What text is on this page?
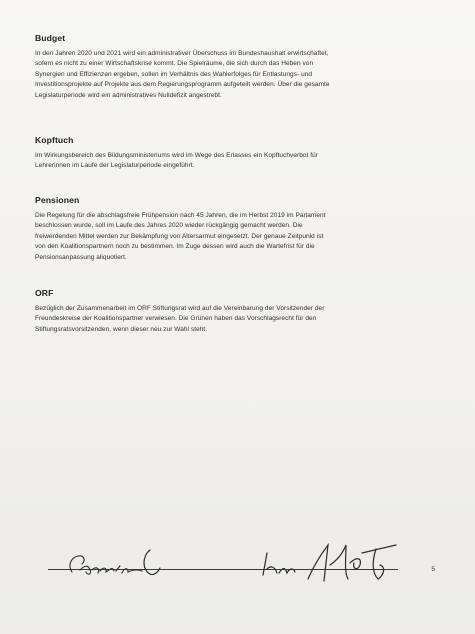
Budget

In den Jahren 2020 und 2021 wird ein administrativer Überschuss im Bundeshaushalt erwirtschaftet,
sofern es nicht zu einer Wirtschaftskrise kommt. Die Spielräume, die sich durch das Heben von
Synergien und Effizienzen ergeben, sollen im Verhältnis des Wahlerfolges für Entlastungs- und
Investitionsprojekte auf Projekte aus dem Regierungsprogramm aufgeteilt werden. Über die gesamte
Legislaturperiode wird ein administratives Nulldefizit angestrebt.

Kopftuch

Im Wirkungsbereich des Bildungsministeriums wird im Wege des Erlasses ein Kopftuchverbot für
Lehrerinnen im Laufe der Legislaturperiode eingeführt.

Pensionen

Die Regelung für die abschlagsfreie Frühpension nach 45 Jahren, die im Herbst 2019 im Parlament
beschlossen wurde, soll im Laufe des Jahres 2020 wieder rückgängig gemacht werden. Die
freiwerdenden Mittel werden zur Bekämpfung von Altersarmut eingesetzt. Der genaue Zeitpunkt ist
von den Koalitionspartnern noch zu bestimmen. Im Zuge dessen wird auch die Wartefrist für die
Pensionsanpassung aliquotiert.

ORF

Bezüglich der Zusammenarbeit im ORF Stiftungsrat wird auf die Vereinbarung der Vorsitzender der
Freundeskreise der Koalitionspartner verwiesen. Die Grünen haben das Vorschlagsrecht für den
Stiftungsratsvorsitzenden, wenn dieser neu zur Wahl steht.

5
